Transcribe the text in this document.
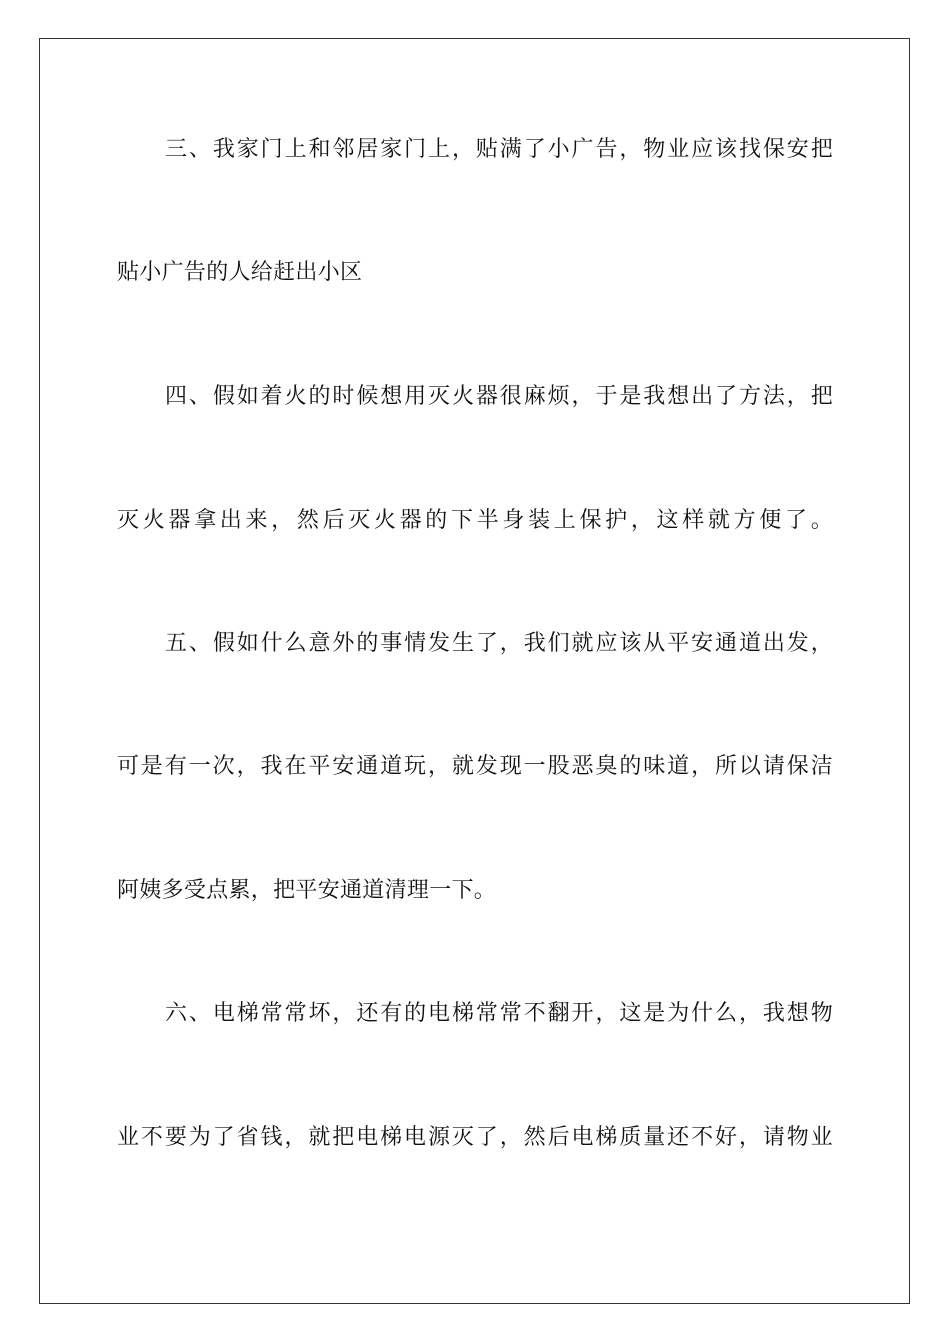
三、我家门上和邻居家门上，贴满了小广告，物业应该找保安把
贴小广告的人给赶出小区
四、假如着火的时候想用灭火器很麻烦，于是我想出了方法，把
灭火器拿出来，然后灭火器的下半身装上保护，这样就方便了。
五、假如什么意外的事情发生了，我们就应该从平安通道出发，
可是有一次，我在平安通道玩，就发现一股恶臭的味道，所以请保洁
阿姨多受点累，把平安通道清理一下。
六、电梯常常坏，还有的电梯常常不翻开，这是为什么，我想物
业不要为了省钱，就把电梯电源灭了，然后电梯质量还不好，请物业
